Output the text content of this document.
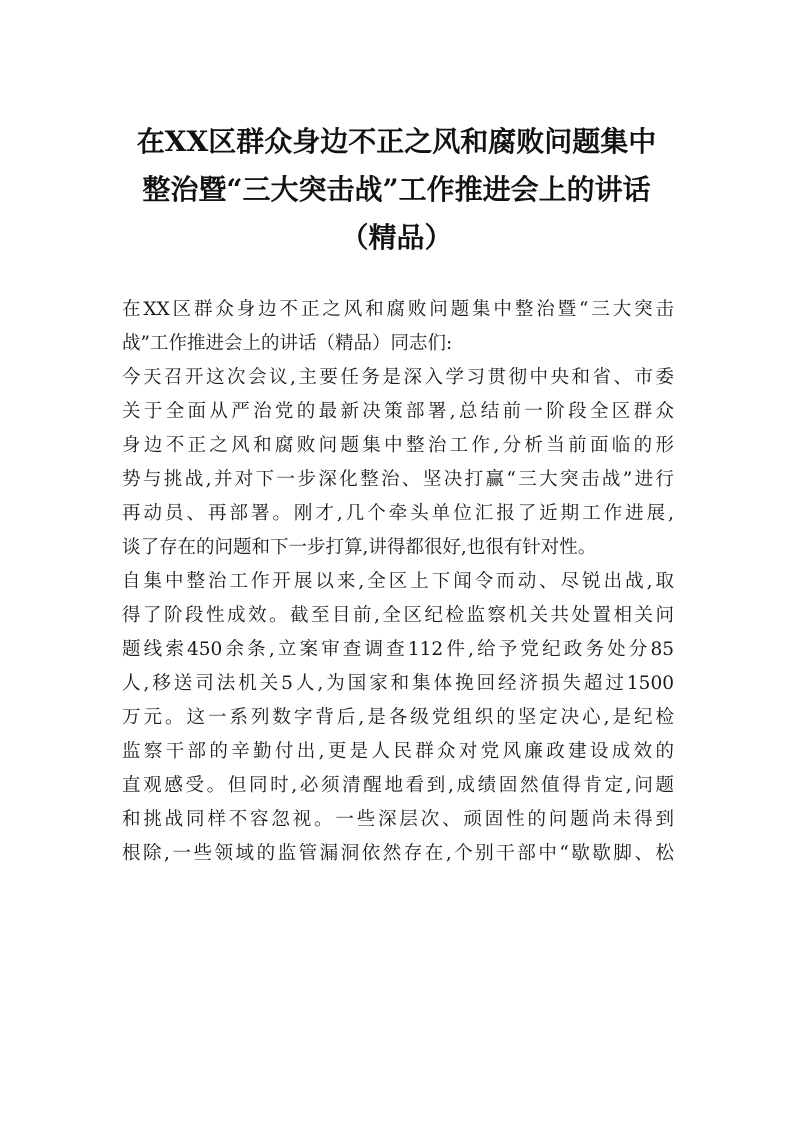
在XX区群众身边不正之风和腐败问题集中
整治暨“三大突击战”工作推进会上的讲话
（精品）
在XX区群众身边不正之风和腐败问题集中整治暨“三大突击
战”工作推进会上的讲话（精品）同志们:
今天召开这次会议,主要任务是深入学习贯彻中央和省、市委
关于全面从严治党的最新决策部署,总结前一阶段全区群众
身边不正之风和腐败问题集中整治工作,分析当前面临的形
势与挑战,并对下一步深化整治、坚决打赢“三大突击战”进行
再动员、再部署。刚才,几个牵头单位汇报了近期工作进展,
谈了存在的问题和下一步打算,讲得都很好,也很有针对性。
自集中整治工作开展以来,全区上下闻令而动、尽锐出战,取
得了阶段性成效。截至目前,全区纪检监察机关共处置相关问
题线索450余条,立案审查调查112件,给予党纪政务处分85
人,移送司法机关5人,为国家和集体挽回经济损失超过1500
万元。这一系列数字背后,是各级党组织的坚定决心,是纪检
监察干部的辛勤付出,更是人民群众对党风廉政建设成效的
直观感受。但同时,必须清醒地看到,成绩固然值得肯定,问题
和挑战同样不容忽视。一些深层次、顽固性的问题尚未得到
根除,一些领域的监管漏洞依然存在,个别干部中“歇歇脚、松
